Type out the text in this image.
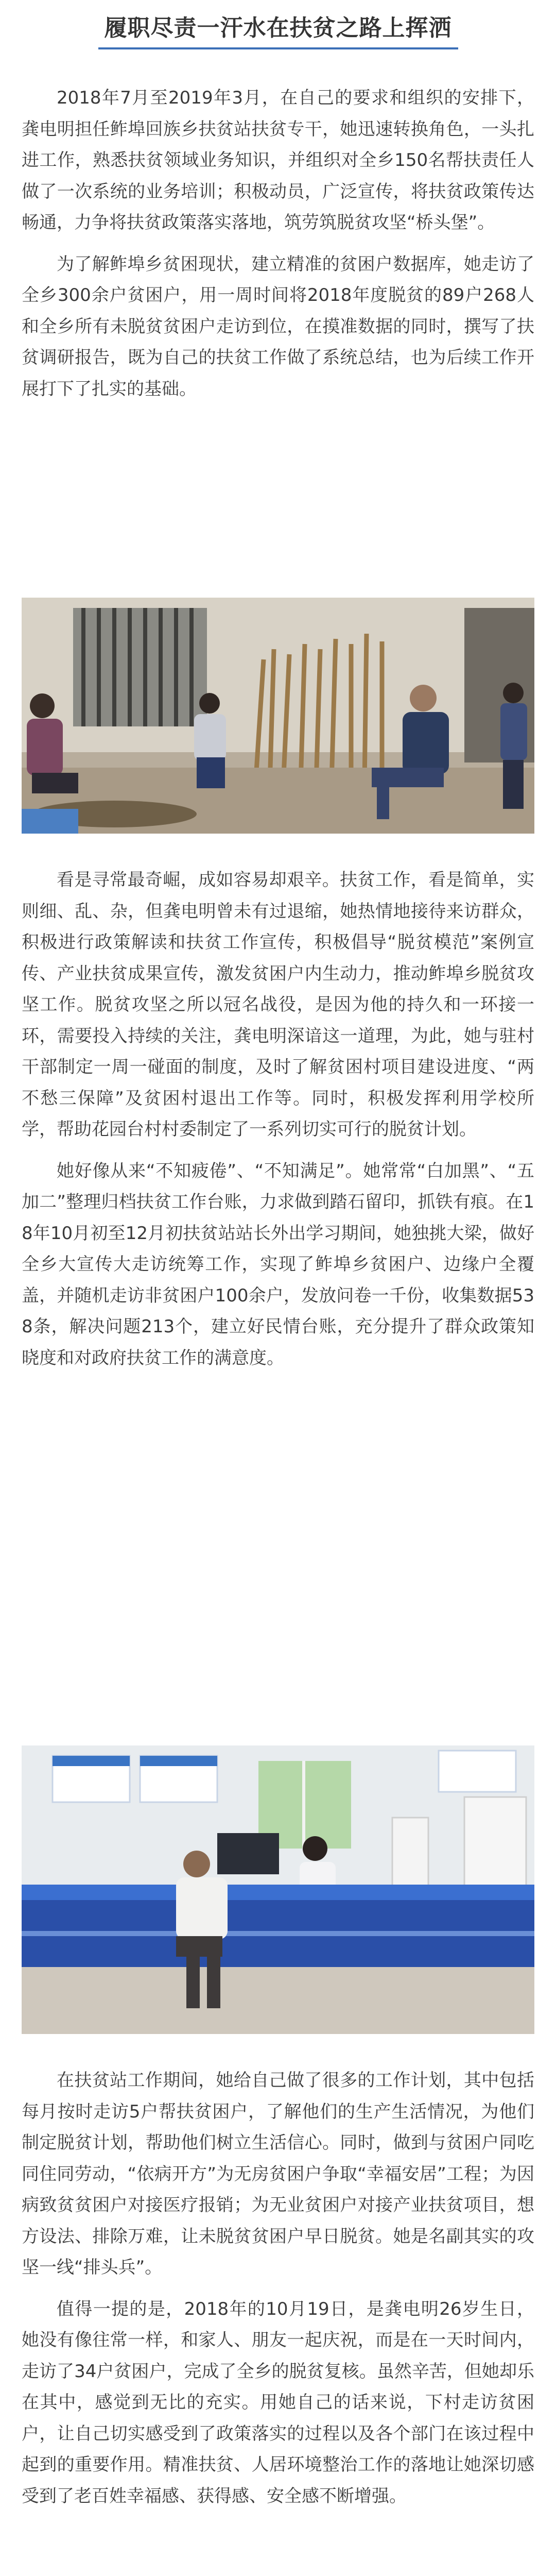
履职尽责一汗水在扶贫之路上挥洒

2018年7月至2019年3月，在自己的要求和组织的安排下，龚电明担任鲊埠回族乡扶贫站扶贫专干，她迅速转换角色，一头扎进工作，熟悉扶贫领域业务知识，并组织对全乡150名帮扶责任人做了一次系统的业务培训；积极动员，广泛宣传，将扶贫政策传达畅通，力争将扶贫政策落实落地，筑劳筑脱贫攻坚“桥头堡”。

为了解鲊埠乡贫困现状，建立精准的贫困户数据库，她走访了全乡300余户贫困户，用一周时间将2018年度脱贫的89户268人和全乡所有未脱贫贫困户走访到位，在摸准数据的同时，撰写了扶贫调研报告，既为自己的扶贫工作做了系统总结，也为后续工作开展打下了扎实的基础。

看是寻常最奇崛，成如容易却艰辛。扶贫工作，看是简单，实则细、乱、杂，但龚电明曾未有过退缩，她热情地接待来访群众，积极进行政策解读和扶贫工作宣传，积极倡导“脱贫模范”案例宣传、产业扶贫成果宣传，激发贫困户内生动力，推动鲊埠乡脱贫攻坚工作。脱贫攻坚之所以冠名战役，是因为他的持久和一环接一环，需要投入持续的关注，龚电明深谙这一道理，为此，她与驻村干部制定一周一碰面的制度，及时了解贫困村项目建设进度、“两不愁三保障”及贫困村退出工作等。同时，积极发挥利用学校所学，帮助花园台村村委制定了一系列切实可行的脱贫计划。

她好像从来“不知疲倦”、“不知满足”。她常常“白加黑”、“五加二”整理归档扶贫工作台账，力求做到踏石留印，抓铁有痕。在18年10月初至12月初扶贫站站长外出学习期间，她独挑大梁，做好全乡大宣传大走访统筹工作，实现了鲊埠乡贫困户、边缘户全覆盖，并随机走访非贫困户100余户，发放问卷一千份，收集数据538条，解决问题213个，建立好民情台账，充分提升了群众政策知晓度和对政府扶贫工作的满意度。

在扶贫站工作期间，她给自己做了很多的工作计划，其中包括每月按时走访5户帮扶贫困户，了解他们的生产生活情况，为他们制定脱贫计划，帮助他们树立生活信心。同时，做到与贫困户同吃同住同劳动，“依病开方”为无房贫困户争取“幸福安居”工程；为因病致贫贫困户对接医疗报销；为无业贫困户对接产业扶贫项目，想方设法、排除万难，让未脱贫贫困户早日脱贫。她是名副其实的攻坚一线“排头兵”。

值得一提的是，2018年的10月19日，是龚电明26岁生日，她没有像往常一样，和家人、朋友一起庆祝，而是在一天时间内，走访了34户贫困户，完成了全乡的脱贫复核。虽然辛苦，但她却乐在其中，感觉到无比的充实。用她自己的话来说，下村走访贫困户，让自己切实感受到了政策落实的过程以及各个部门在该过程中起到的重要作用。精准扶贫、人居环境整治工作的落地让她深切感受到了老百姓幸福感、获得感、安全感不断增强。
